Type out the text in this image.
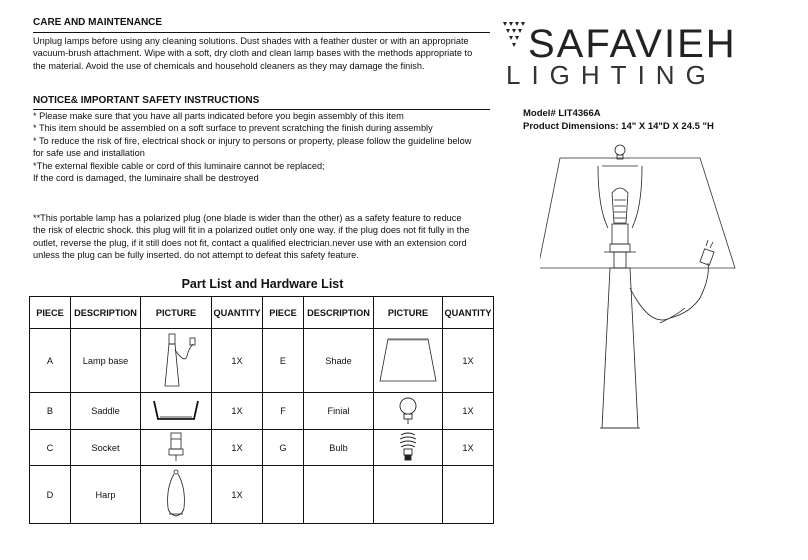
CARE AND MAINTENANCE
Unplug lamps before using any cleaning solutions. Dust shades with a feather duster or with an appropriate
vacuum-brush attachment. Wipe with a soft, dry cloth and clean lamp bases with the methods appropriate to
the material. Avoid the use of chemicals and household cleaners as they may damage the finish.
NOTICE& IMPORTANT SAFETY INSTRUCTIONS
* Please make sure that you have all parts indicated before you begin assembly of this item
* This item should be assembled on a soft surface to prevent scratching the finish during assembly
* To reduce the risk of fire, electrical shock or injury to persons or property, please follow the guideline below
for safe use and installation
*The external flexible cable or cord of this luminaire cannot be replaced;
If the cord is damaged, the luminaire shall be destroyed
**This portable lamp has a polarized plug (one blade is wider than the other) as a safety feature to reduce
the risk of electric shock. this plug will fit in a polarized outlet only one way. if the plug does not fit fully in the
outlet, reverse the plug, if it still does not fit, contact a qualified electrician.never use with an extension cord
unless the plug can be fully inserted. do not attempt to defeat this safety feature.
SAFAVIEH
LIGHTING
Model# LIT4366A
Product Dimensions: 14" X 14"D X 24.5 "H
Part List and Hardware List
PIECE	DESCRIPTION	PICTURE	QUANTITY	PIECE	DESCRIPTION	PICTURE	QUANTITY
A	Lamp base		1X	E	Shade		1X
B	Saddle		1X	F	Finial		1X
C	Socket		1X	G	Bulb		1X
D	Harp		1X				
